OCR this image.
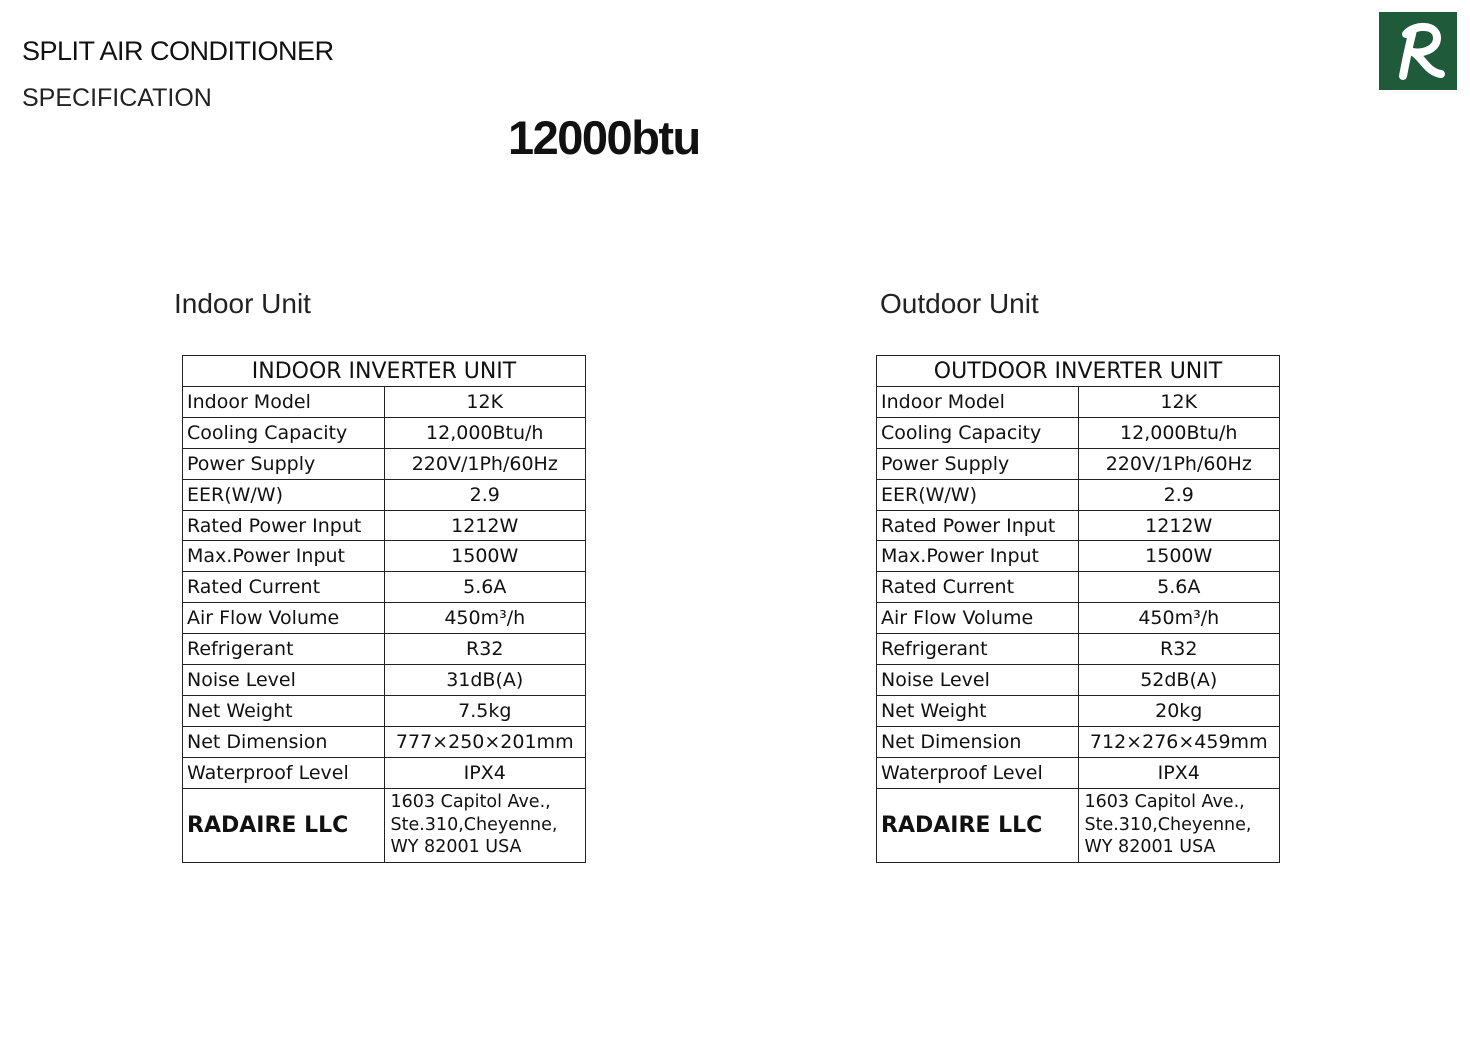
SPLIT AIR CONDITIONER
SPECIFICATION
12000btu
Indoor Unit	Outdoor Unit
INDOOR INVERTER UNIT	
Indoor Model	12K
Cooling Capacity	12,000Btu/h
Power Supply	220V/1Ph/60Hz
EER(W/W)	2.9
Rated Power Input	1212W
Max.Power Input	1500W
Rated Current	5.6A
Air Flow Volume	450m³/h
Refrigerant	R32
Noise Level	31dB(A)
Net Weight	7.5kg
Net Dimension	777×250×201mm
Waterproof Level	IPX4
RADAIRE LLC	1603 Capitol Ave.,
Ste.310,Cheyenne,
WY 82001 USA
OUTDOOR INVERTER UNIT	
Indoor Model	12K
Cooling Capacity	12,000Btu/h
Power Supply	220V/1Ph/60Hz
EER(W/W)	2.9
Rated Power Input	1212W
Max.Power Input	1500W
Rated Current	5.6A
Air Flow Volume	450m³/h
Refrigerant	R32
Noise Level	52dB(A)
Net Weight	20kg
Net Dimension	712×276×459mm
Waterproof Level	IPX4
RADAIRE LLC	1603 Capitol Ave.,
Ste.310,Cheyenne,
WY 82001 USA
